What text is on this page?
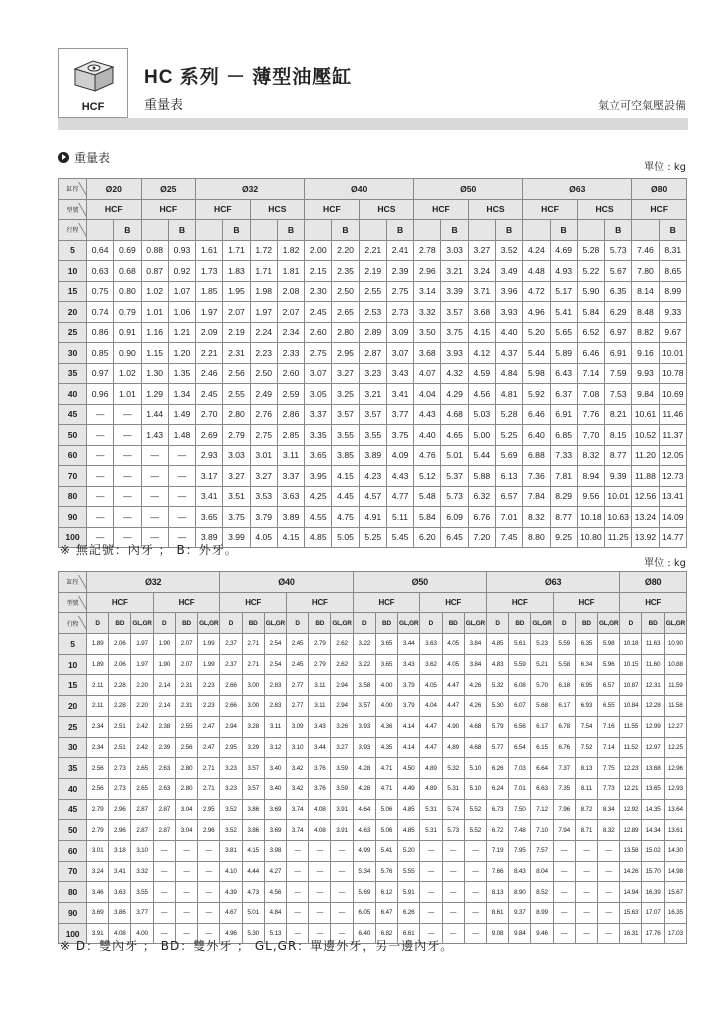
HCF
HC 系列 － 薄型油壓缸
重量表	氣立可空氣壓設備
重量表
單位 : kg
缸徑	Ø20		Ø25		Ø32				Ø40				Ø50				Ø63				Ø80	
型號	HCF		HCF		HCF		HCS		HCF		HCS		HCF		HCS		HCF		HCS		HCF	
行程		B		B		B		B		B		B		B		B		B		B		B
5	0.64	0.69	0.88	0.93	1.61	1.71	1.72	1.82	2.00	2.20	2.21	2.41	2.78	3.03	3.27	3.52	4.24	4.69	5.28	5.73	7.46	8.31
10	0.63	0.68	0.87	0.92	1.73	1.83	1.71	1.81	2.15	2.35	2.19	2.39	2.96	3.21	3.24	3.49	4.48	4.93	5.22	5.67	7.80	8.65
15	0.75	0.80	1.02	1.07	1.85	1.95	1.98	2.08	2.30	2.50	2.55	2.75	3.14	3.39	3.71	3.96	4.72	5.17	5.90	6.35	8.14	8.99
20	0.74	0.79	1.01	1.06	1.97	2.07	1.97	2.07	2.45	2.65	2.53	2.73	3.32	3.57	3.68	3.93	4.96	5.41	5.84	6.29	8.48	9.33
25	0.86	0.91	1.16	1.21	2.09	2.19	2.24	2.34	2.60	2.80	2.89	3.09	3.50	3.75	4.15	4.40	5.20	5.65	6.52	6.97	8.82	9.67
30	0.85	0.90	1.15	1.20	2.21	2.31	2.23	2.33	2.75	2.95	2.87	3.07	3.68	3.93	4.12	4.37	5.44	5.89	6.46	6.91	9.16	10.01
35	0.97	1.02	1.30	1.35	2.46	2.56	2.50	2.60	3.07	3.27	3.23	3.43	4.07	4.32	4.59	4.84	5.98	6.43	7.14	7.59	9.93	10.78
40	0.96	1.01	1.29	1.34	2.45	2.55	2.49	2.59	3.05	3.25	3.21	3.41	4.04	4.29	4.56	4.81	5.92	6.37	7.08	7.53	9.84	10.69
45	—	—	1.44	1.49	2.70	2.80	2.76	2.86	3.37	3.57	3.57	3.77	4.43	4.68	5.03	5.28	6.46	6.91	7.76	8.21	10.61	11.46
50	—	—	1.43	1.48	2.69	2.79	2.75	2.85	3.35	3.55	3.55	3.75	4.40	4.65	5.00	5.25	6.40	6.85	7.70	8.15	10.52	11.37
60	—	—	—	—	2.93	3.03	3.01	3.11	3.65	3.85	3.89	4.09	4.76	5.01	5.44	5.69	6.88	7.33	8.32	8.77	11.20	12.05
70	—	—	—	—	3.17	3.27	3.27	3.37	3.95	4.15	4.23	4.43	5.12	5.37	5.88	6.13	7.36	7.81	8.94	9.39	11.88	12.73
80	—	—	—	—	3.41	3.51	3.53	3.63	4.25	4.45	4.57	4.77	5.48	5.73	6.32	6.57	7.84	8.29	9.56	10.01	12.56	13.41
90	—	—	—	—	3.65	3.75	3.79	3.89	4.55	4.75	4.91	5.11	5.84	6.09	6.76	7.01	8.32	8.77	10.18	10.63	13.24	14.09
100	—	—	—	—	3.89	3.99	4.05	4.15	4.85	5.05	5.25	5.45	6.20	6.45	7.20	7.45	8.80	9.25	10.80	11.25	13.92	14.77
※ 無記號：內牙 ； B：外牙。
單位 : kg
缸徑	Ø32						Ø40						Ø50						Ø63						Ø80		
型號	HCF			HCF			HCF			HCF			HCF			HCF			HCF			HCF			HCF		
行程	D	BD	GL,GR	D	BD	GL,GR	D	BD	GL,GR	D	BD	GL,GR	D	BD	GL,GR	D	BD	GL,GR	D	BD	GL,GR	D	BD	GL,GR	D	BD	GL,GR
5	1.89	2.06	1.97	1.90	2.07	1.99	2.37	2.71	2.54	2.45	2.79	2.62	3.22	3.65	3.44	3.63	4.05	3.84	4.85	5.61	5.23	5.59	6.35	5.98	10.18	11.63	10.90
10	1.89	2.06	1.97	1.90	2.07	1.99	2.37	2.71	2.54	2.45	2.79	2.62	3.22	3.65	3.43	3.62	4.05	3.84	4.83	5.59	5.21	5.58	6.34	5.96	10.15	11.60	10.88
15	2.11	2.28	2.20	2.14	2.31	2.23	2.66	3.00	2.83	2.77	3.11	2.94	3.58	4.00	3.79	4.05	4.47	4.26	5.32	6.08	5.70	6.18	6.95	6.57	10.87	12.31	11.59
20	2.11	2.28	2.20	2.14	2.31	2.23	2.66	3.00	2.83	2.77	3.11	2.94	3.57	4.00	3.79	4.04	4.47	4.26	5.30	6.07	5.68	6.17	6.93	6.55	10.84	12.28	11.58
25	2.34	2.51	2.42	2.38	2.55	2.47	2.94	3.28	3.11	3.09	3.43	3.26	3.93	4.36	4.14	4.47	4.90	4.68	5.79	6.56	6.17	6.78	7.54	7.16	11.55	12.99	12.27
30	2.34	2.51	2.42	2.39	2.56	2.47	2.95	3.29	3.12	3.10	3.44	3.27	3.93	4.35	4.14	4.47	4.89	4.68	5.77	6.54	6.15	6.76	7.52	7.14	11.52	12.97	12.25
35	2.56	2.73	2.65	2.63	2.80	2.71	3.23	3.57	3.40	3.42	3.76	3.59	4.28	4.71	4.50	4.89	5.32	5.10	6.26	7.03	6.64	7.37	8.13	7.75	12.23	13.68	12.96
40	2.56	2.73	2.65	2.63	2.80	2.71	3.23	3.57	3.40	3.42	3.76	3.59	4.28	4.71	4.49	4.89	5.31	5.10	6.24	7.01	6.63	7.35	8.11	7.73	12.21	13.65	12.93
45	2.79	2.96	2.87	2.87	3.04	2.95	3.52	3.86	3.69	3.74	4.08	3.91	4.64	5.06	4.85	5.31	5.74	5.52	6.73	7.50	7.12	7.96	8.72	8.34	12.92	14.35	13.64
50	2.79	2.96	2.87	2.87	3.04	2.96	3.52	3.86	3.69	3.74	4.08	3.91	4.63	5.06	4.85	5.31	5.73	5.52	6.72	7.48	7.10	7.94	8.71	8.32	12.89	14.34	13.61
60	3.01	3.18	3.10	—	—	—	3.81	4.15	3.98	—	—	—	4.99	5.41	5.20	—	—	—	7.19	7.95	7.57	—	—	—	13.58	15.02	14.30
70	3.24	3.41	3.32	—	—	—	4.10	4.44	4.27	—	—	—	5.34	5.76	5.55	—	—	—	7.66	8.43	8.04	—	—	—	14.26	15.70	14.98
80	3.46	3.63	3.55	—	—	—	4.39	4.73	4.56	—	—	—	5.69	6.12	5.91	—	—	—	8.13	8.90	8.52	—	—	—	14.94	16.39	15.67
90	3.69	3.86	3.77	—	—	—	4.67	5.01	4.84	—	—	—	6.05	6.47	6.26	—	—	—	8.61	9.37	8.99	—	—	—	15.63	17.07	16.35
100	3.91	4.08	4.00	—	—	—	4.96	5.30	5.13	—	—	—	6.40	6.82	6.61	—	—	—	9.08	9.84	9.46	—	—	—	16.31	17.76	17.03
※ D：雙內牙 ； BD：雙外牙 ； GL,GR：單邊外牙，另一邊內牙。
